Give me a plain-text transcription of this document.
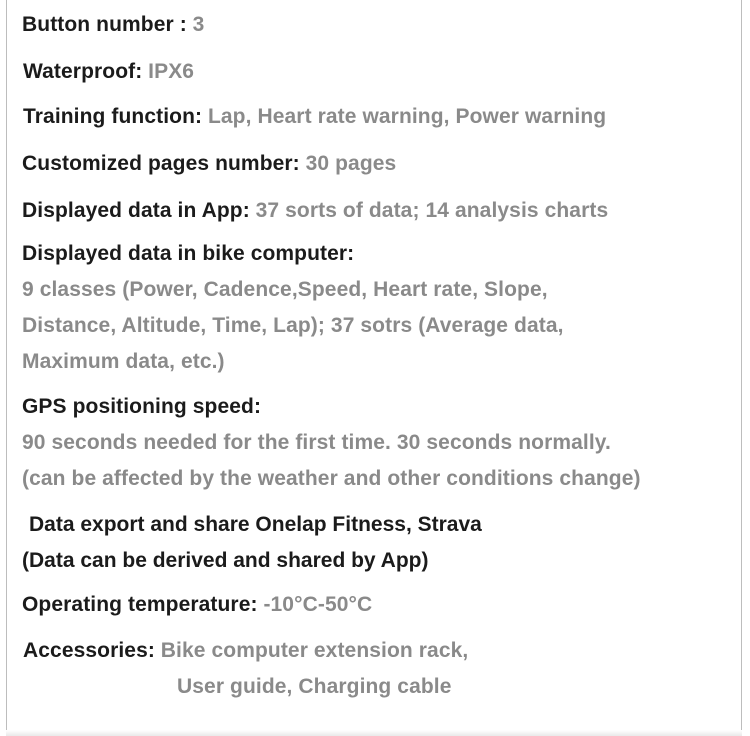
Button number : 3
Waterproof: IPX6
Training function: Lap, Heart rate warning, Power warning
Customized pages number: 30 pages
Displayed data in App: 37 sorts of data; 14 analysis charts
Displayed data in bike computer:
9 classes (Power, Cadence,Speed, Heart rate, Slope,
Distance, Altitude, Time, Lap); 37 sotrs (Average data,
Maximum data, etc.)
GPS positioning speed:
90 seconds needed for the first time. 30 seconds normally.
(can be affected by the weather and other conditions change)
Data export and share Onelap Fitness, Strava
(Data can be derived and shared by App)
Operating temperature: -10°C-50°C
Accessories: Bike computer extension rack,
User guide, Charging cable
